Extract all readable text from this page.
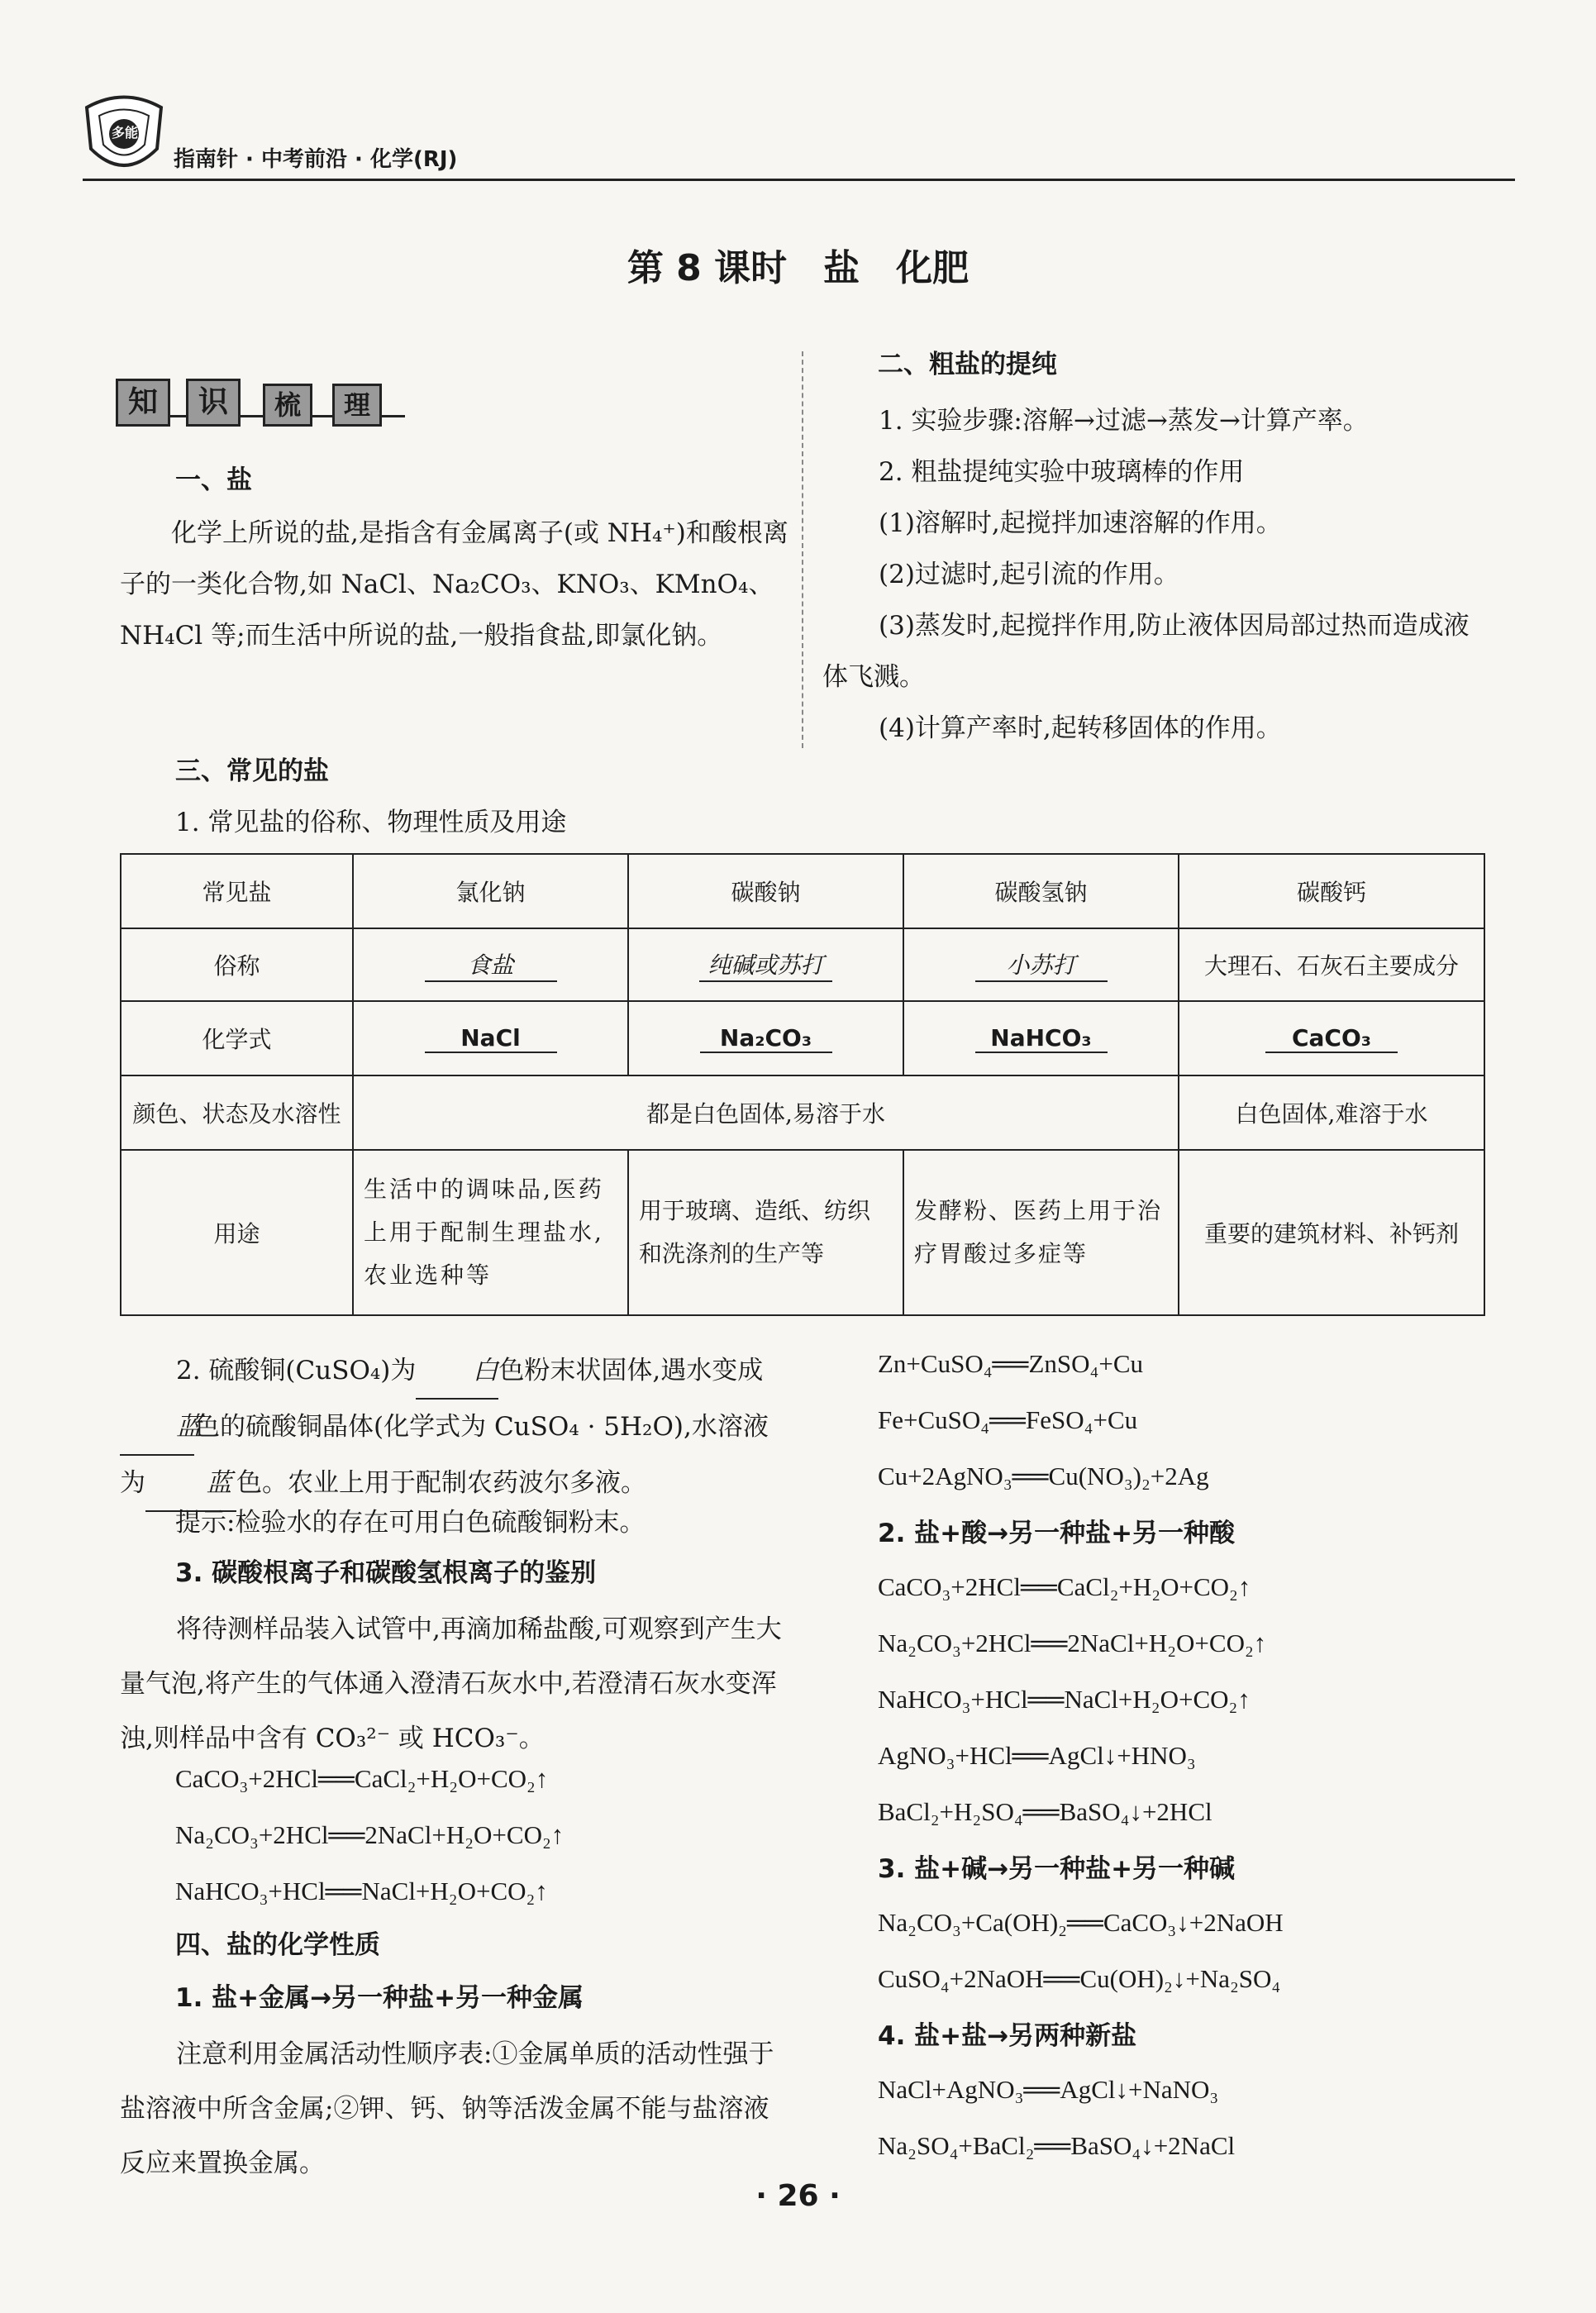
多能
指南针 · 中考前沿 · 化学(RJ)
第 8 课时　盐　化肥
知	识	梳	理
一、盐
化学上所说的盐,是指含有金属离子(或 NH₄⁺)和酸根离子的一类化合物,如 NaCl、Na₂CO₃、KNO₃、KMnO₄、NH₄Cl 等;而生活中所说的盐,一般指食盐,即氯化钠。
二、粗盐的提纯
1. 实验步骤:溶解→过滤→蒸发→计算产率。
2. 粗盐提纯实验中玻璃棒的作用
(1)溶解时,起搅拌加速溶解的作用。
(2)过滤时,起引流的作用。
(3)蒸发时,起搅拌作用,防止液体因局部过热而造成液体飞溅。
(4)计算产率时,起转移固体的作用。
三、常见的盐
1. 常见盐的俗称、物理性质及用途
常见盐	氯化钠	碳酸钠	碳酸氢钠	碳酸钙
俗称	食盐	纯碱或苏打	小苏打	大理石、石灰石主要成分
化学式	NaCl	Na₂CO₃	NaHCO₃	CaCO₃
颜色、状态及水溶性	都是白色固体,易溶于水			白色固体,难溶于水
用途	生活中的调味品,医药上用于配制生理盐水,农业选种等	用于玻璃、造纸、纺织和洗涤剂的生产等	发酵粉、医药上用于治疗胃酸过多症等	重要的建筑材料、补钙剂
2. 硫酸铜(CuSO₄)为 白色粉末状固体,遇水变成蓝色的硫酸铜晶体(化学式为 CuSO₄ · 5H₂O),水溶液为 蓝 色。农业上用于配制农药波尔多液。
提示:检验水的存在可用白色硫酸铜粉末。
3. 碳酸根离子和碳酸氢根离子的鉴别
将待测样品装入试管中,再滴加稀盐酸,可观察到产生大量气泡,将产生的气体通入澄清石灰水中,若澄清石灰水变浑浊,则样品中含有 CO₃²⁻ 或 HCO₃⁻。
CaCO₃+2HCl══CaCl₂+H₂O+CO₂↑
Na₂CO₃+2HCl══2NaCl+H₂O+CO₂↑
NaHCO₃+HCl══NaCl+H₂O+CO₂↑
四、盐的化学性质
1. 盐+金属→另一种盐+另一种金属
注意利用金属活动性顺序表:①金属单质的活动性强于盐溶液中所含金属;②钾、钙、钠等活泼金属不能与盐溶液反应来置换金属。
Zn+CuSO₄══ZnSO₄+Cu
Fe+CuSO₄══FeSO₄+Cu
Cu+2AgNO₃══Cu(NO₃)₂+2Ag
2. 盐+酸→另一种盐+另一种酸
CaCO₃+2HCl══CaCl₂+H₂O+CO₂↑
Na₂CO₃+2HCl══2NaCl+H₂O+CO₂↑
NaHCO₃+HCl══NaCl+H₂O+CO₂↑
AgNO₃+HCl══AgCl↓+HNO₃
BaCl₂+H₂SO₄══BaSO₄↓+2HCl
3. 盐+碱→另一种盐+另一种碱
Na₂CO₃+Ca(OH)₂══CaCO₃↓+2NaOH
CuSO₄+2NaOH══Cu(OH)₂↓+Na₂SO₄
4. 盐+盐→另两种新盐
NaCl+AgNO₃══AgCl↓+NaNO₃
Na₂SO₄+BaCl₂══BaSO₄↓+2NaCl
· 26 ·
